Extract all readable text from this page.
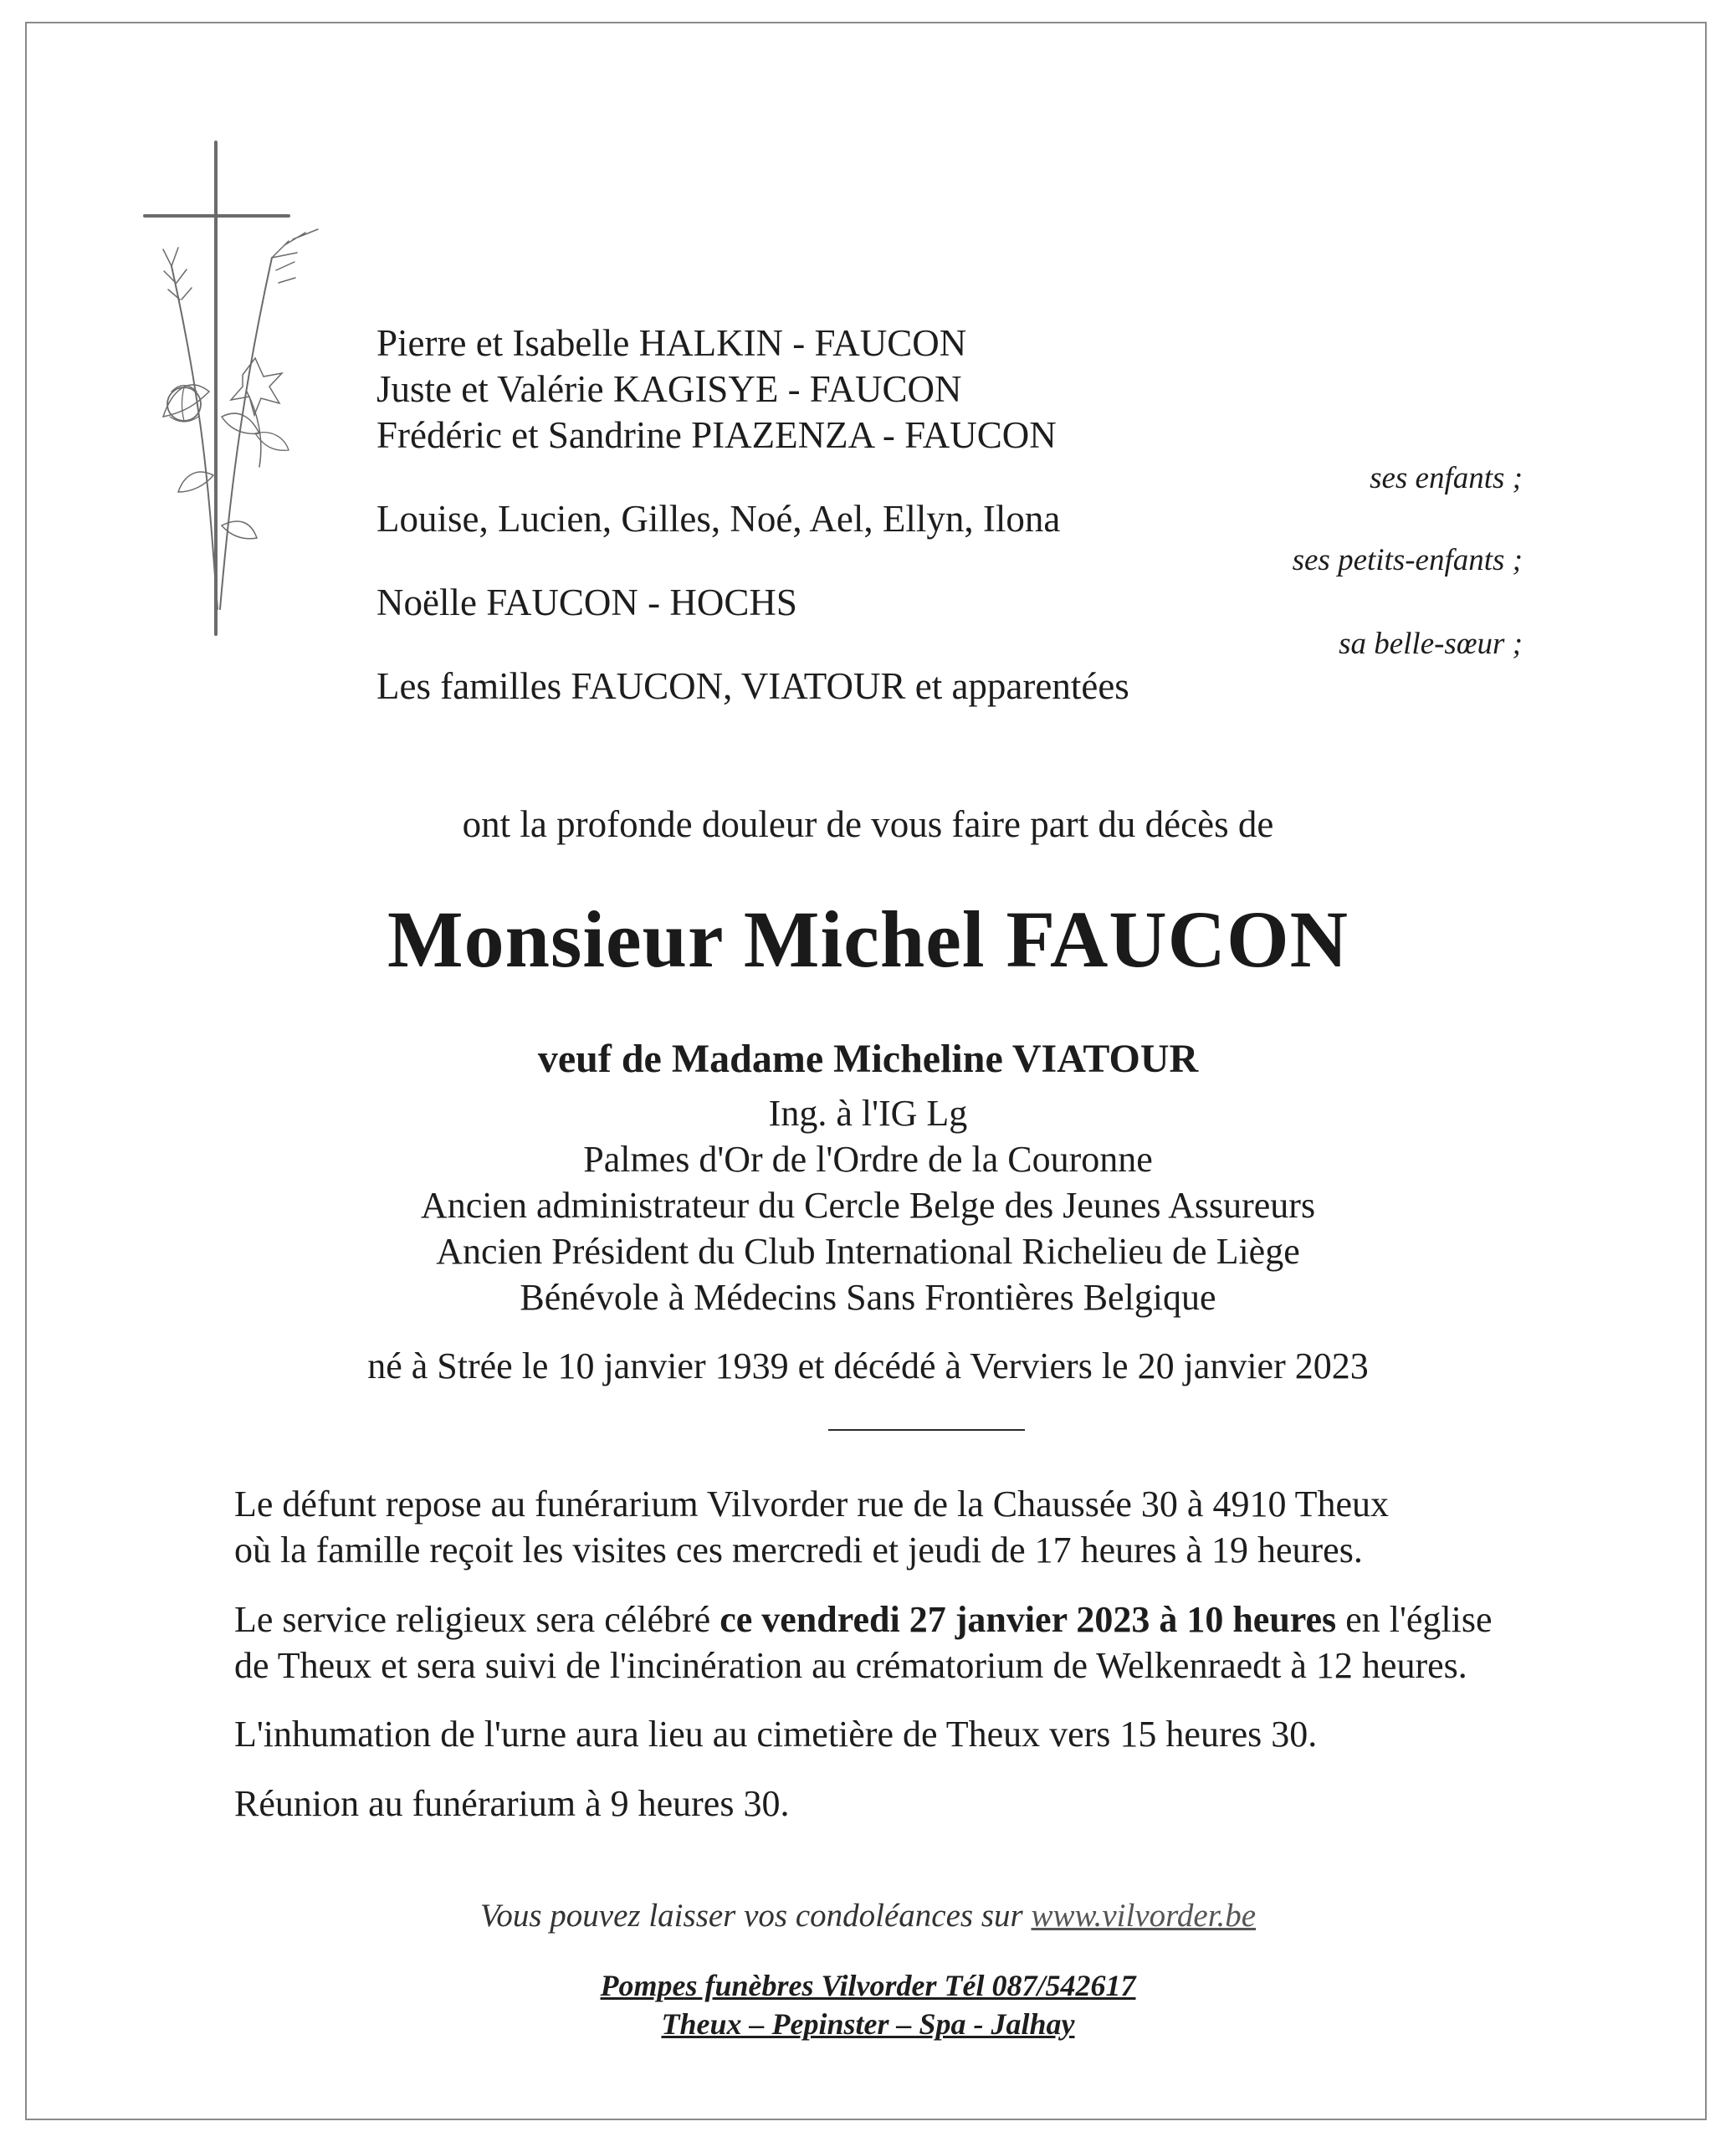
Pierre et Isabelle HALKIN - FAUCON
Juste et Valérie KAGISYE - FAUCON
Frédéric et Sandrine PIAZENZA - FAUCON
ses enfants ;
Louise, Lucien, Gilles, Noé, Ael, Ellyn, Ilona
ses petits-enfants ;
Noëlle FAUCON - HOCHS
sa belle-sœur ;
Les familles FAUCON, VIATOUR et apparentées
ont la profonde douleur de vous faire part du décès de
Monsieur Michel FAUCON
veuf de Madame Micheline VIATOUR
Ing. à l'IG Lg
Palmes d'Or de l'Ordre de la Couronne
Ancien administrateur du Cercle Belge des Jeunes Assureurs
Ancien Président du Club International Richelieu de Liège
Bénévole à Médecins Sans Frontières Belgique
né à Strée le 10 janvier 1939 et décédé à Verviers le 20 janvier 2023
Le défunt repose au funérarium Vilvorder rue de la Chaussée 30 à 4910 Theux
où la famille reçoit les visites ces mercredi et jeudi de 17 heures à 19 heures.
Le service religieux sera célébré ce vendredi 27 janvier 2023 à 10 heures en l'église
de Theux et sera suivi de l'incinération au crématorium de Welkenraedt à 12 heures.
L'inhumation de l'urne aura lieu au cimetière de Theux vers 15 heures 30.
Réunion au funérarium à 9 heures 30.
Vous pouvez laisser vos condoléances sur www.vilvorder.be
Pompes funèbres Vilvorder Tél 087/542617
Theux – Pepinster – Spa - Jalhay
